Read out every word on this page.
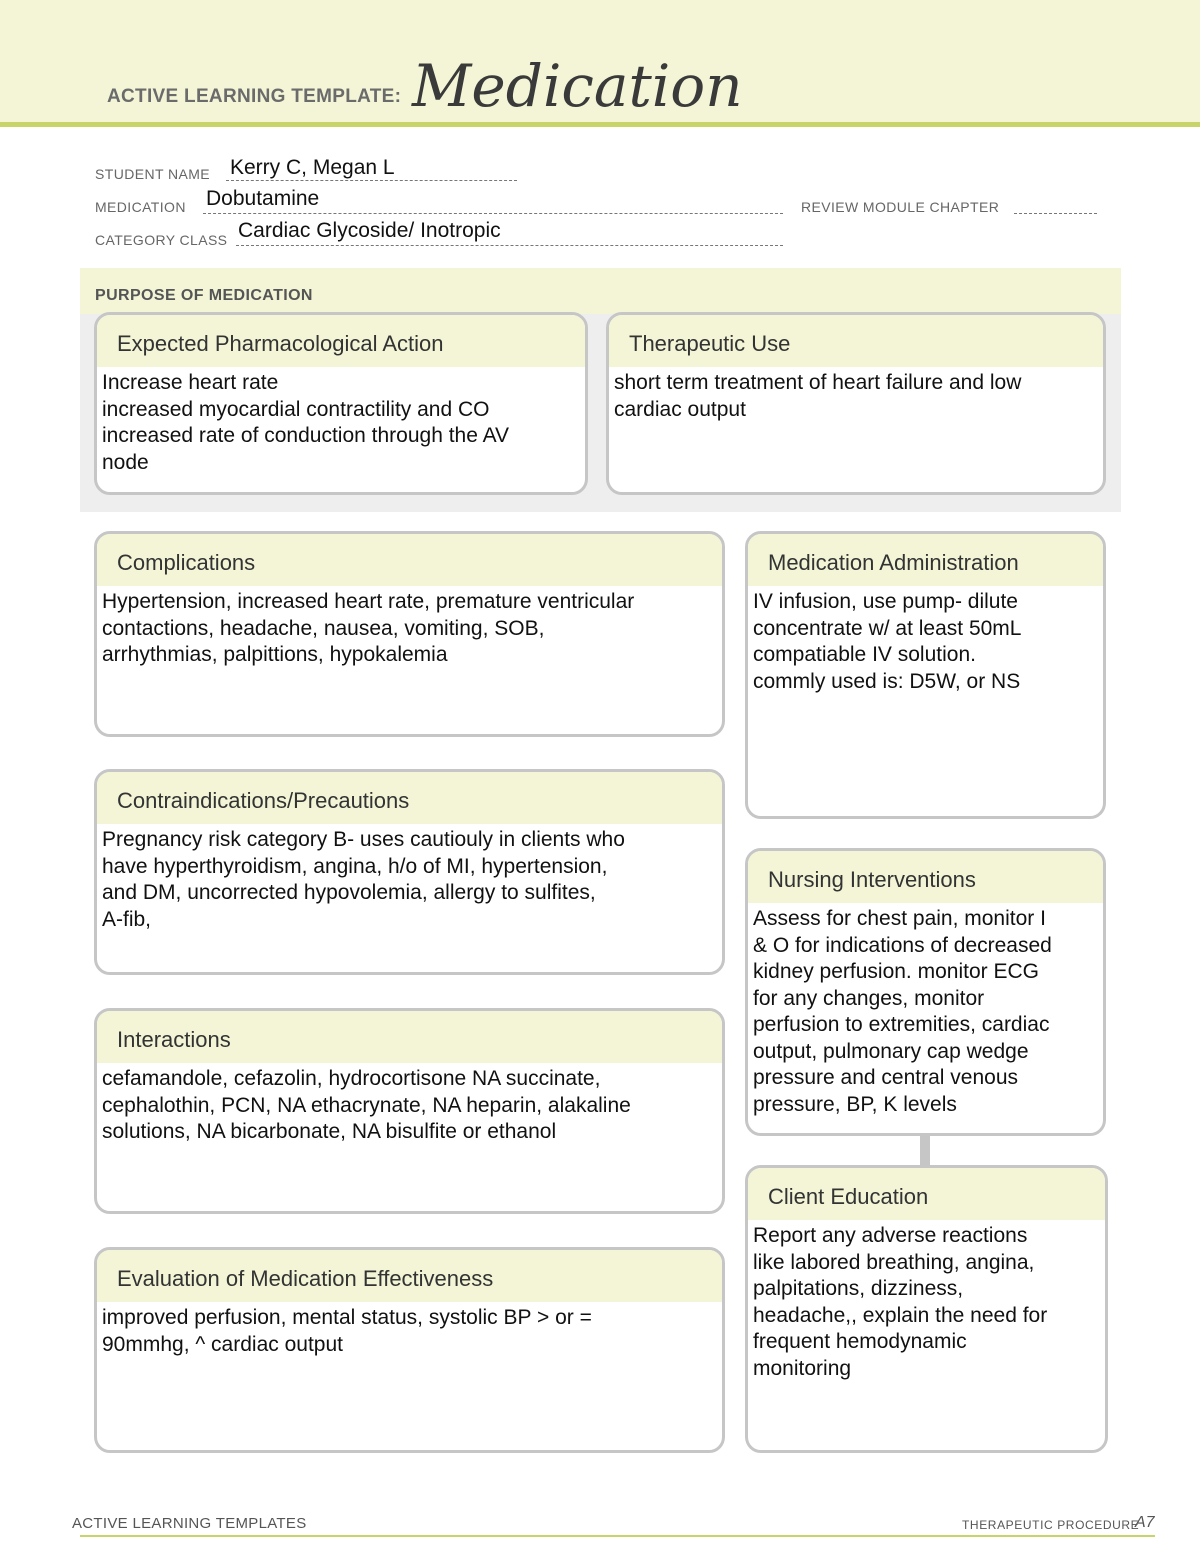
ACTIVE LEARNING TEMPLATE: Medication
STUDENT NAME Kerry C, Megan L
MEDICATION Dobutamine	REVIEW MODULE CHAPTER
CATEGORY CLASS Cardiac Glycoside/ Inotropic
PURPOSE OF MEDICATION
Expected Pharmacological Action
Increase heart rate
increased myocardial contractility and CO
increased rate of conduction through the AV
node
Therapeutic Use
short term treatment of heart failure and low
cardiac output
Complications
Hypertension, increased heart rate, premature ventricular
contactions, headache, nausea, vomiting, SOB,
arrhythmias, palpittions, hypokalemia
Contraindications/Precautions
Pregnancy risk category B- uses cautiouly in clients who
have hyperthyroidism, angina, h/o of MI, hypertension,
and DM, uncorrected hypovolemia, allergy to sulfites,
A-fib,
Interactions
cefamandole, cefazolin, hydrocortisone NA succinate,
cephalothin, PCN, NA ethacrynate, NA heparin, alakaline
solutions, NA bicarbonate, NA bisulfite or ethanol
Evaluation of Medication Effectiveness
improved perfusion, mental status, systolic BP > or =
90mmhg, ^ cardiac output
Medication Administration
IV infusion, use pump- dilute
concentrate w/ at least 50mL
compatiable IV solution.
commly used is: D5W, or NS
Nursing Interventions
Assess for chest pain, monitor I
& O for indications of decreased
kidney perfusion. monitor ECG
for any changes, monitor
perfusion to extremities, cardiac
output, pulmonary cap wedge
pressure and central venous
pressure, BP, K levels
Client Education
Report any adverse reactions
like labored breathing, angina,
palpitations, dizziness,
headache,, explain the need for
frequent hemodynamic
monitoring
ACTIVE LEARNING TEMPLATES	THERAPEUTIC PROCEDURE
A7
